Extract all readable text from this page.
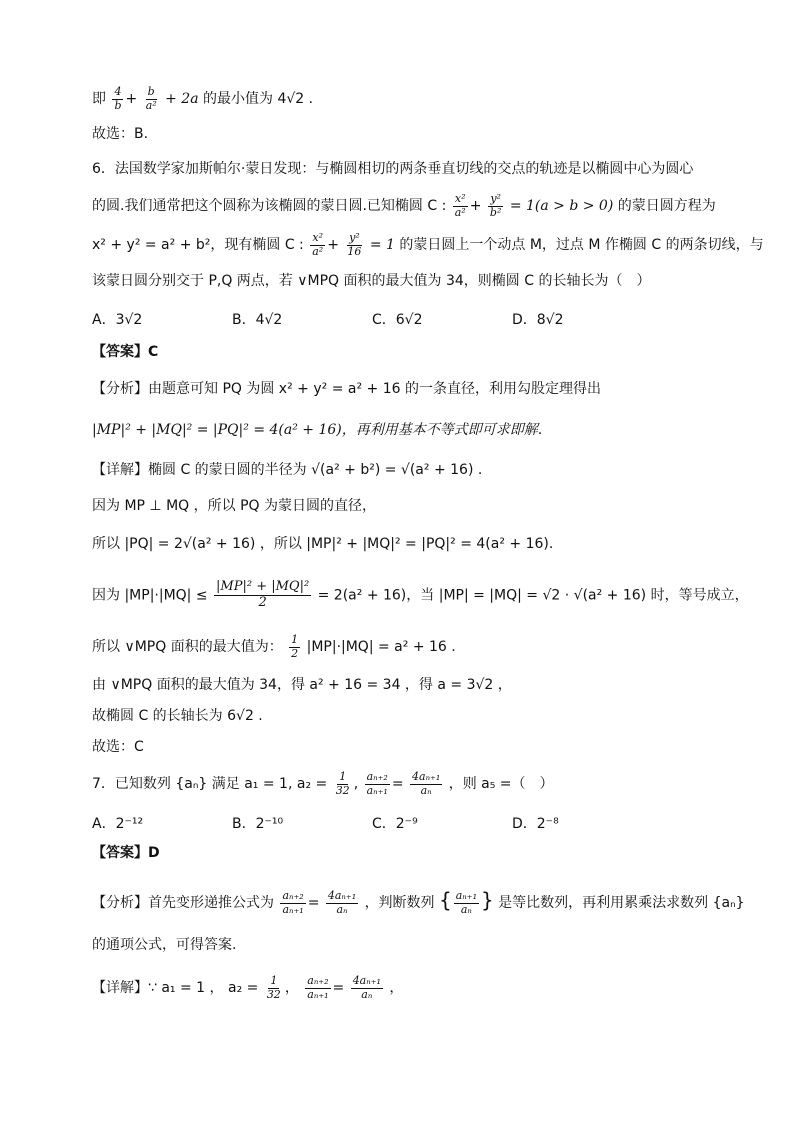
即 $\frac{4}{b} + \frac{b}{\text{a²}} + 2a$ 的最小值为 4√2 .
故选：B.
6．法国数学家加斯帕尔·蒙日发现：与椭圆相切的两条垂直切线的交点的轨迹是以椭圆中心为圆心
的圆.我们通常把这个圆称为该椭圆的蒙日圆.已知椭圆 C : $\frac{\text{x²}}{\text{a²}} + \frac{\text{y²}}{\text{b²}} = 1(a > b > 0)$ 的蒙日圆方程为
x² + y² = a² + b²，现有椭圆 C : $\frac{\text{x²}}{\text{a²}} + \frac{\text{y²}}{16} = 1$ 的蒙日圆上一个动点 M，过点 M 作椭圆 C 的两条切线，与
该蒙日圆分别交于 P,Q 两点，若 ∨MPQ 面积的最大值为 34，则椭圆 C 的长轴长为（　）
A．3√2	B．4√2	C．6√2	D．8√2
【答案】C
【分析】由题意可知 PQ 为圆 x² + y² = a² + 16 的一条直径，利用勾股定理得出
|MP|² + |MQ|² = |PQ|² = 4(a² + 16)，再利用基本不等式即可求即解.
【详解】椭圆 C 的蒙日圆的半径为 √(a² + b²) = √(a² + 16) .
因为 MP ⊥ MQ ，所以 PQ 为蒙日圆的直径，
所以 |PQ| = 2√(a² + 16) ，所以 |MP|² + |MQ|² = |PQ|² = 4(a² + 16).
因为 $|MP|\cdot|MQ| \le \frac{\text{|MP|² + |MQ|²}}{2} = 2(a^2 + 16)$，当 |MP| = |MQ| = √2 · √(a² + 16) 时，等号成立，
所以 ∨MPQ 面积的最大值为： $\frac{1}{2} |MP|\cdot|MQ| = a^2 + 16$ .
由 ∨MPQ 面积的最大值为 34，得 a² + 16 = 34 ，得 a = 3√2 ，
故椭圆 C 的长轴长为 6√2 .
故选：C
7．已知数列 {aₙ} 满足 a₁ = 1, $a_2 = \frac{1}{32}$ , $\frac{\text{aₙ₊₂}}{\text{aₙ₊₁}} = \frac{\text{4aₙ₊₁}}{\text{aₙ}}$ ，则 a₅ =（　）
A．2⁻¹²	B．2⁻¹⁰	C．2⁻⁹	D．2⁻⁸
【答案】D
【分析】首先变形递推公式为 $\frac{\text{aₙ₊₂}}{\text{aₙ₊₁}} = \frac{\text{4aₙ₊₁}}{\text{aₙ}}$ ，判断数列 { $\frac{\text{aₙ₊₁}}{\text{aₙ}}$ } 是等比数列，再利用累乘法求数列 {aₙ}
的通项公式，可得答案.
【详解】∵ a₁ = 1 ， $a_2 = \frac{1}{32}$ ， $\frac{\text{aₙ₊₂}}{\text{aₙ₊₁}} = \frac{\text{4aₙ₊₁}}{\text{aₙ}}$ ，
